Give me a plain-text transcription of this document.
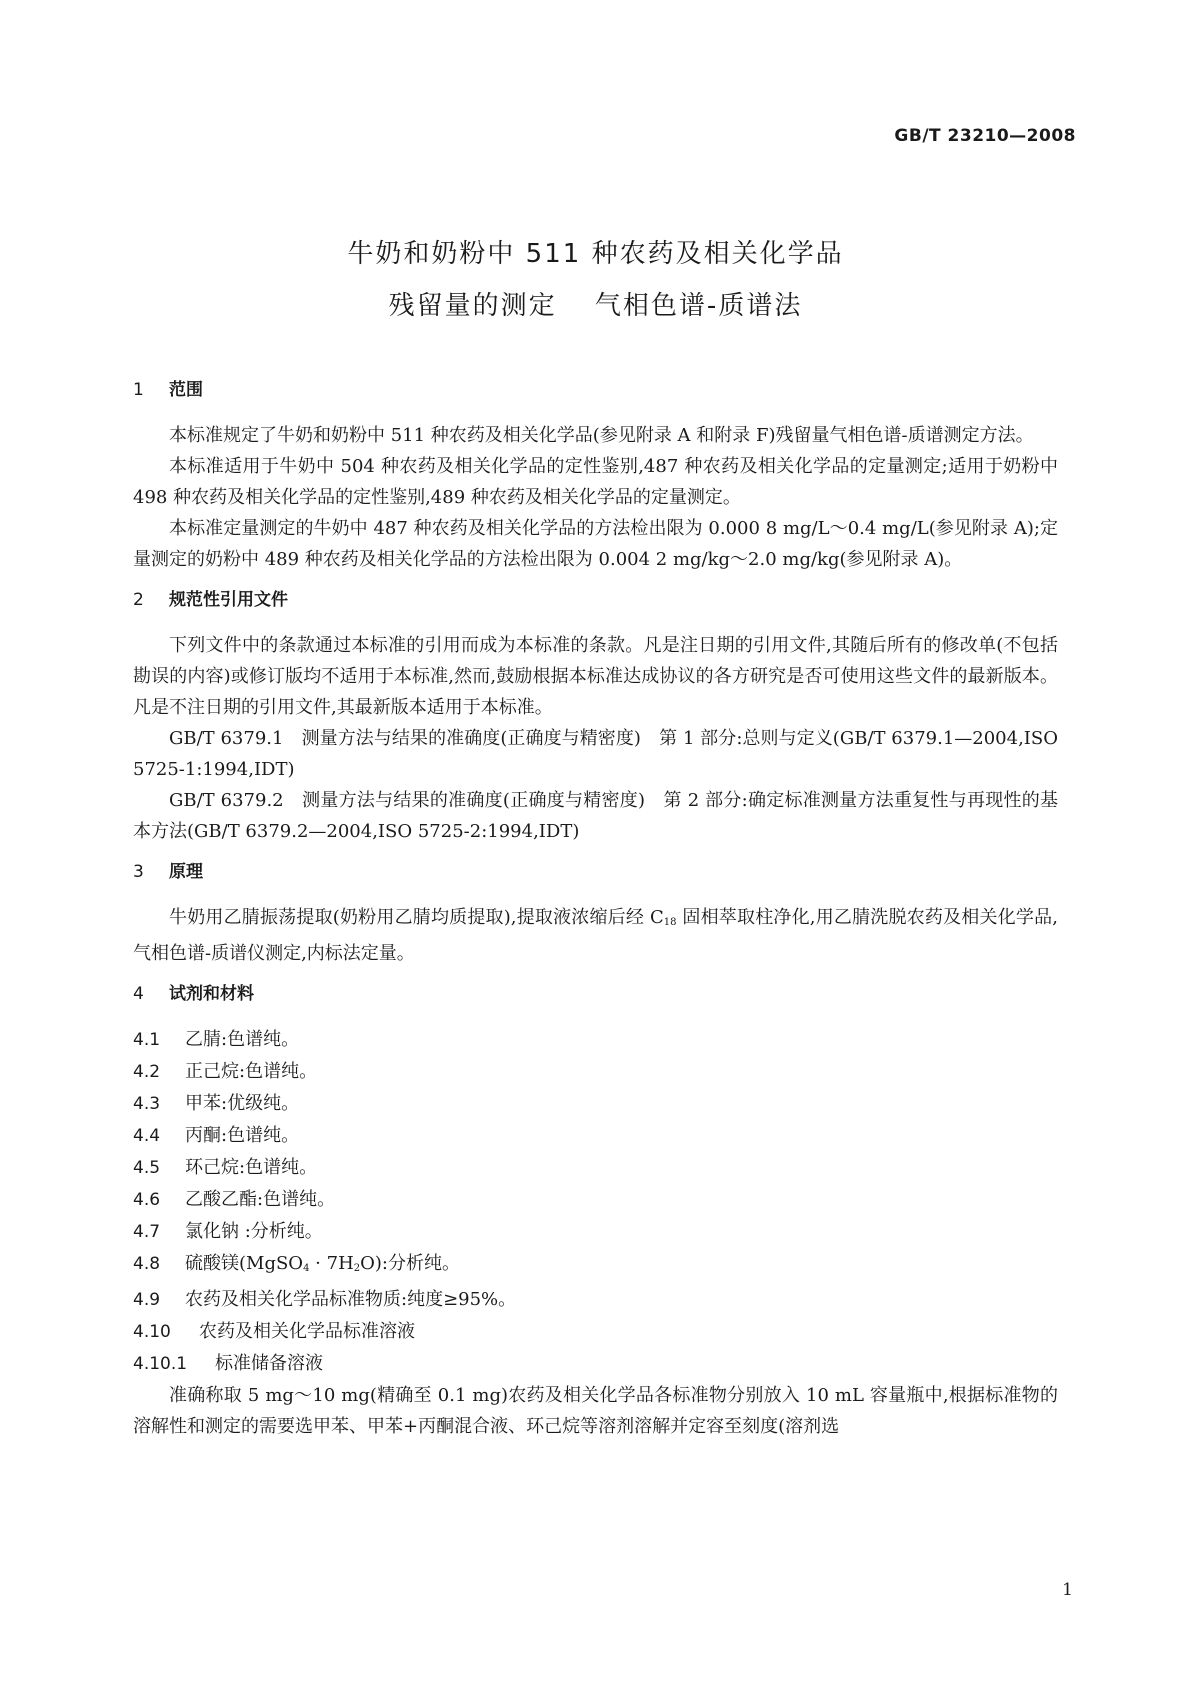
GB/T 23210—2008
牛奶和奶粉中 511 种农药及相关化学品
残留量的测定　 气相色谱-质谱法

1 范围

本标准规定了牛奶和奶粉中 511 种农药及相关化学品(参见附录 A 和附录 F)残留量气相色谱-质谱测定方法。

本标准适用于牛奶中 504 种农药及相关化学品的定性鉴别,487 种农药及相关化学品的定量测定;适用于奶粉中 498 种农药及相关化学品的定性鉴别,489 种农药及相关化学品的定量测定。

本标准定量测定的牛奶中 487 种农药及相关化学品的方法检出限为 0.000 8 mg/L～0.4 mg/L(参见附录 A);定量测定的奶粉中 489 种农药及相关化学品的方法检出限为 0.004 2 mg/kg～2.0 mg/kg(参见附录 A)。

2 规范性引用文件

下列文件中的条款通过本标准的引用而成为本标准的条款。凡是注日期的引用文件,其随后所有的修改单(不包括勘误的内容)或修订版均不适用于本标准,然而,鼓励根据本标准达成协议的各方研究是否可使用这些文件的最新版本。凡是不注日期的引用文件,其最新版本适用于本标准。

GB/T 6379.1　测量方法与结果的准确度(正确度与精密度)　第 1 部分:总则与定义(GB/T 6379.1—2004,ISO 5725-1:1994,IDT)

GB/T 6379.2　测量方法与结果的准确度(正确度与精密度)　第 2 部分:确定标准测量方法重复性与再现性的基本方法(GB/T 6379.2—2004,ISO 5725-2:1994,IDT)

3 原理

牛奶用乙腈振荡提取(奶粉用乙腈均质提取),提取液浓缩后经 $C_{18}$ 固相萃取柱净化,用乙腈洗脱农药及相关化学品,气相色谱-质谱仪测定,内标法定量。

4 试剂和材料

4.1 乙腈:色谱纯。

4.2 正己烷:色谱纯。

4.3 甲苯:优级纯。

4.4 丙酮:色谱纯。

4.5 环己烷:色谱纯。

4.6 乙酸乙酯:色谱纯。

4.7 氯化钠 :分析纯。

4.8 硫酸镁(MgSO$_4$ · $7H_2O$):分析纯。

4.9 农药及相关化学品标准物质:纯度≥95%。

4.10 农药及相关化学品标准溶液

4.10.1 标准储备溶液

准确称取 5 mg～10 mg(精确至 0.1 mg)农药及相关化学品各标准物分别放入 10 mL 容量瓶中,根据标准物的溶解性和测定的需要选甲苯、甲苯+丙酮混合液、环己烷等溶剂溶解并定容至刻度(溶剂选

1
